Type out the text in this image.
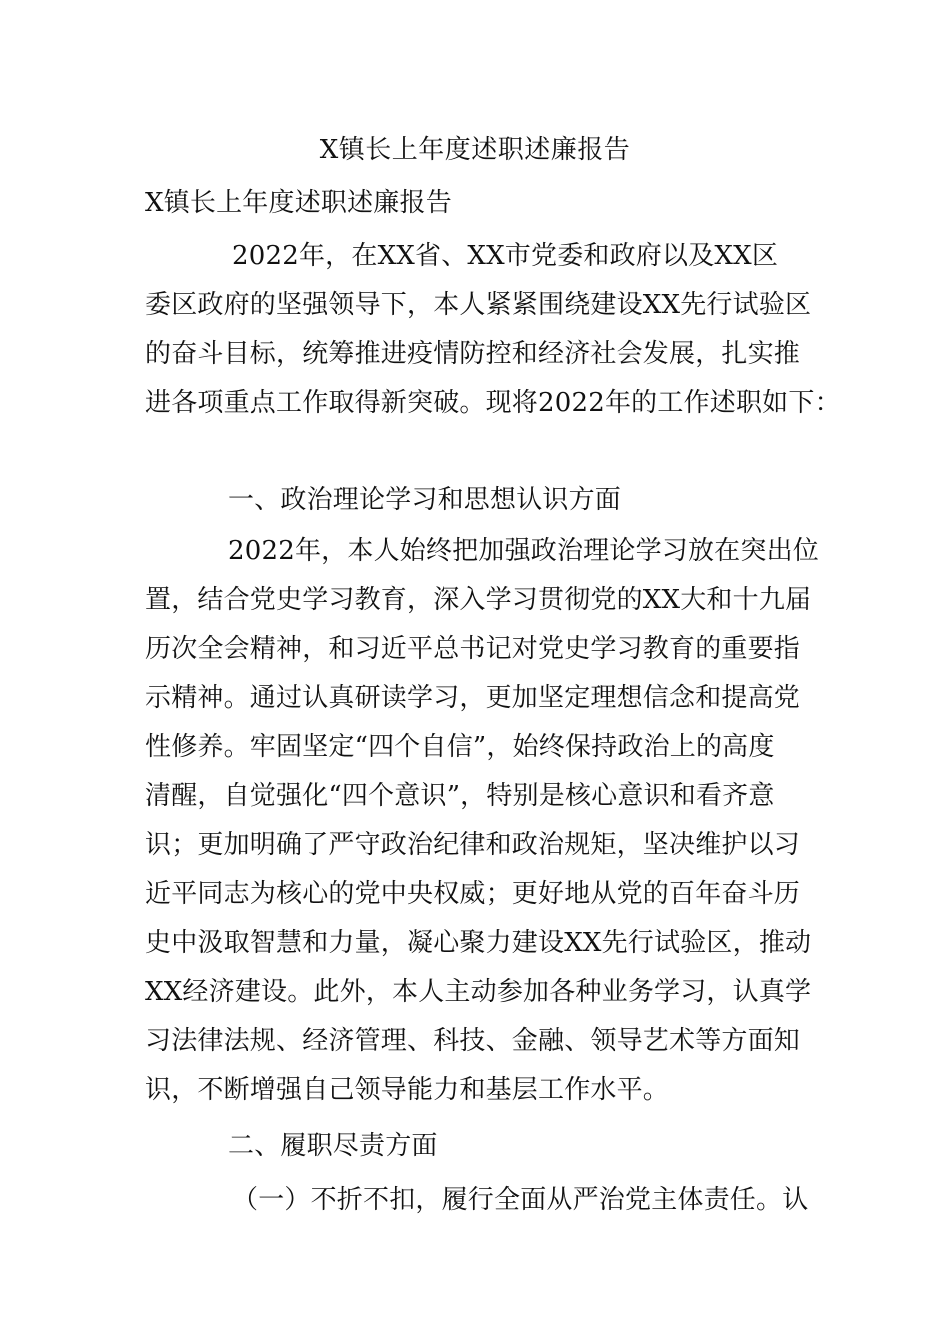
X镇长上年度述职述廉报告
X镇长上年度述职述廉报告
2022年，在XX省、XX市党委和政府以及XX区
委区政府的坚强领导下，本人紧紧围绕建设XX先行试验区
的奋斗目标，统筹推进疫情防控和经济社会发展，扎实推
进各项重点工作取得新突破。现将2022年的工作述职如下：
一、政治理论学习和思想认识方面
2022年，本人始终把加强政治理论学习放在突出位
置，结合党史学习教育，深入学习贯彻党的XX大和十九届
历次全会精神，和习近平总书记对党史学习教育的重要指
示精神。通过认真研读学习，更加坚定理想信念和提高党
性修养。牢固坚定“四个自信”，始终保持政治上的高度
清醒，自觉强化“四个意识”，特别是核心意识和看齐意
识；更加明确了严守政治纪律和政治规矩，坚决维护以习
近平同志为核心的党中央权威；更好地从党的百年奋斗历
史中汲取智慧和力量，凝心聚力建设XX先行试验区，推动
XX经济建设。此外，本人主动参加各种业务学习，认真学
习法律法规、经济管理、科技、金融、领导艺术等方面知
识，不断增强自己领导能力和基层工作水平。
二、履职尽责方面
（一）不折不扣，履行全面从严治党主体责任。认
